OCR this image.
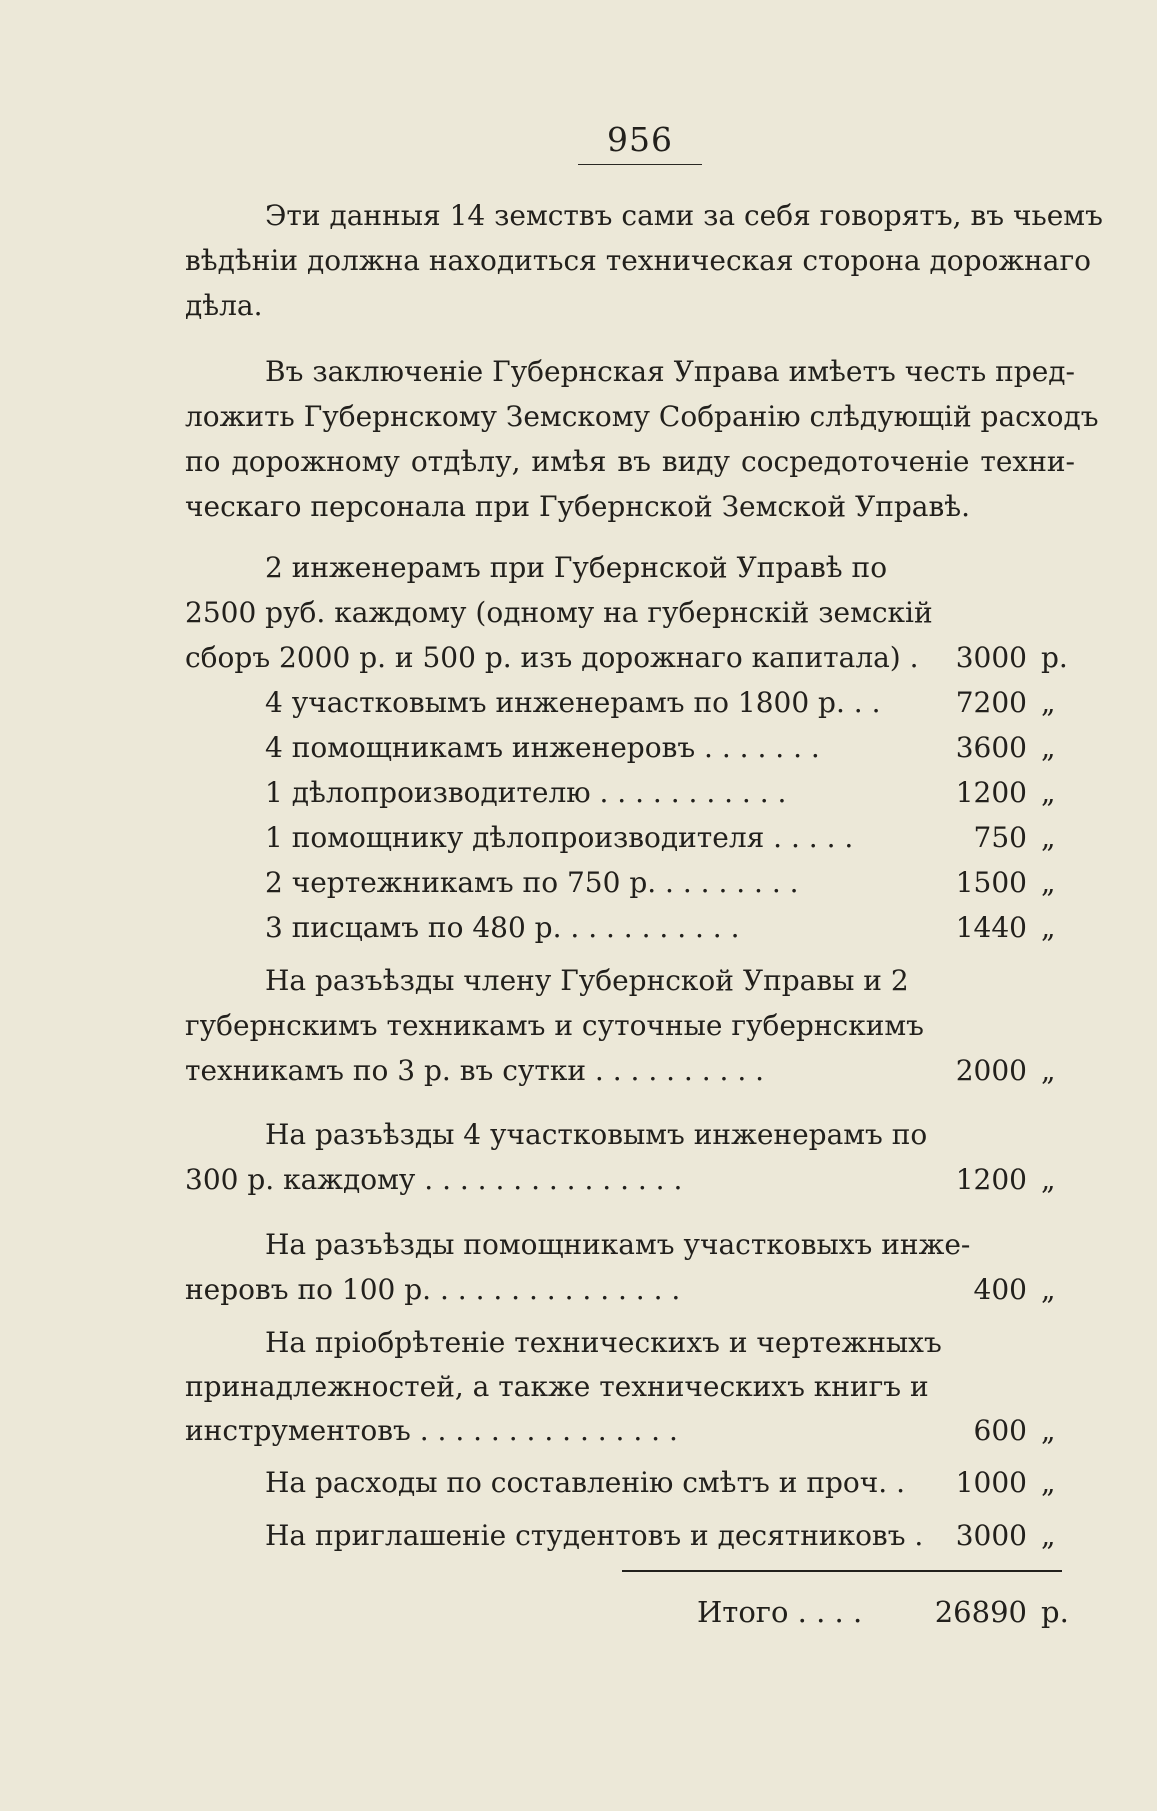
956
Эти данныя 14 земствъ сами за себя говорятъ, въ чьемъ
вѣдѣніи должна находиться техническая сторона дорожнаго
дѣла.
Въ заключеніе Губернская Управа имѣетъ честь пред-
ложить Губернскому Земскому Собранію слѣдующій расходъ
по дорожному отдѣлу, имѣя въ виду сосредоточеніе техни-
ческаго персонала при Губернской Земской Управѣ.
2 инженерамъ при Губернской Управѣ по
2500 руб. каждому (одному на губернскій земскій
сборъ 2000 р. и 500 р. изъ дорожнаго капитала) . 3000 р.
4 участковымъ инженерамъ по 1800 р. . .	7200 „
4 помощникамъ инженеровъ . . . . . . .	3600 „
1 дѣлопроизводителю . . . . . . . . . . .	1200 „
1 помощнику дѣлопроизводителя . . . . .	750 „
2 чертежникамъ по 750 р. . . . . . . . .	1500 „
3 писцамъ по 480 р. . . . . . . . . . .	1440 „
На разъѣзды члену Губернской Управы и 2
губернскимъ техникамъ и суточные губернскимъ
техникамъ по 3 р. въ сутки . . . . . . . . . .	2000 „
На разъѣзды 4 участковымъ инженерамъ по
300 р. каждому . . . . . . . . . . . . . . .	1200 „
На разъѣзды помощникамъ участковыхъ инже-
неровъ по 100 р. . . . . . . . . . . . . . .	400 „
На пріобрѣтеніе техническихъ и чертежныхъ
принадлежностей, а также техническихъ книгъ и
инструментовъ . . . . . . . . . . . . . . .	600 „
На расходы по составленію смѣтъ и проч. . 1000 „
На приглашеніе студентовъ и десятниковъ . 3000 „
Итого . . . .	26890 р.
